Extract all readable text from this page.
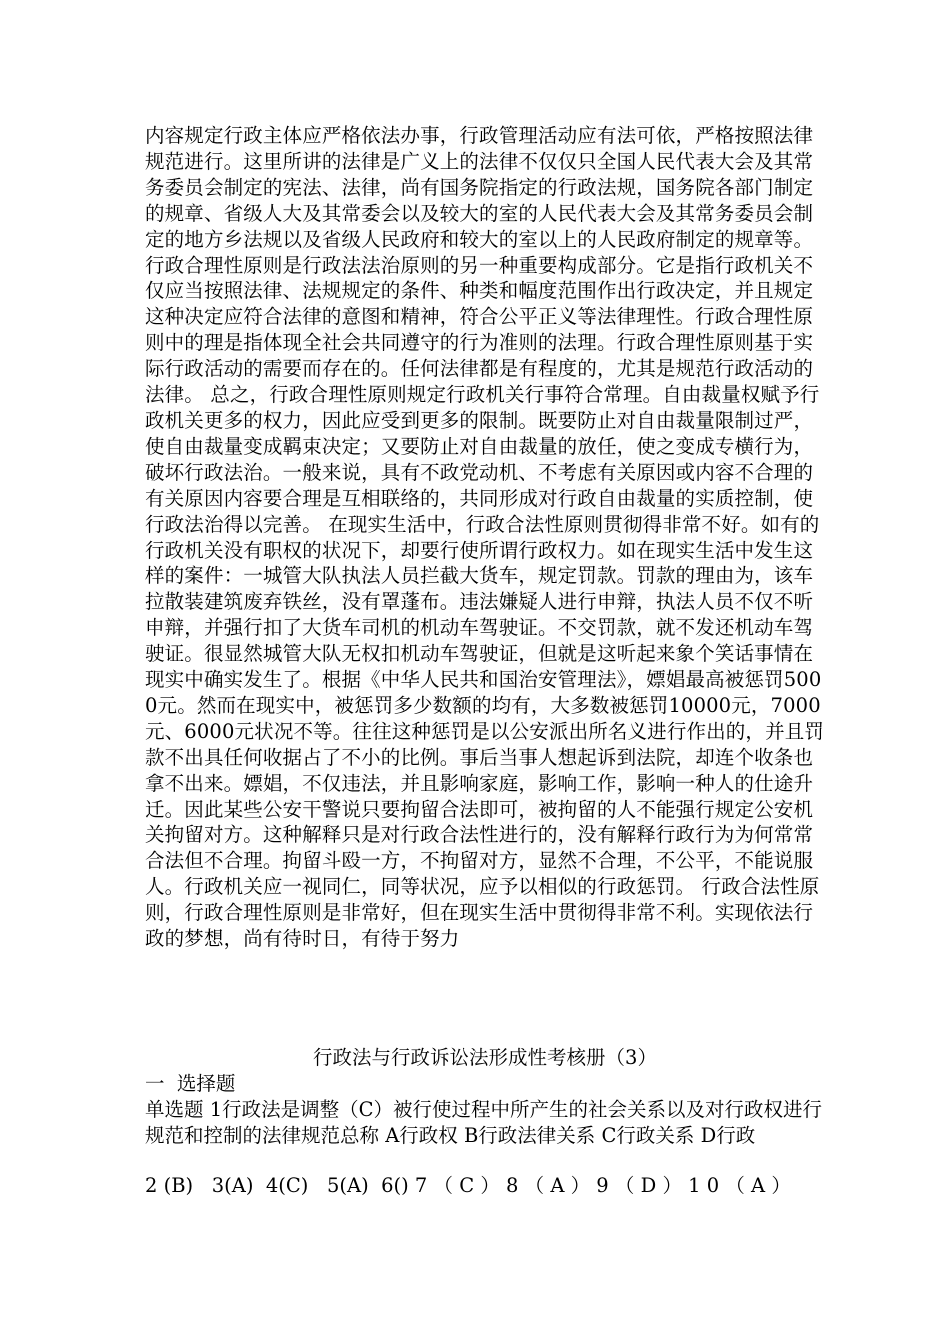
内容规定行政主体应严格依法办事，行政管理活动应有法可依，严格按照法律规范进行。这里所讲的法律是广义上的法律不仅仅只全国人民代表大会及其常务委员会制定的宪法、法律，尚有国务院指定的行政法规，国务院各部门制定的规章、省级人大及其常委会以及较大的室的人民代表大会及其常务委员会制定的地方乡法规以及省级人民政府和较大的室以上的人民政府制定的规章等。 行政合理性原则是行政法法治原则的另一种重要构成部分。它是指行政机关不仅应当按照法律、法规规定的条件、种类和幅度范围作出行政决定，并且规定这种决定应符合法律的意图和精神，符合公平正义等法律理性。行政合理性原则中的理是指体现全社会共同遵守的行为准则的法理。行政合理性原则基于实际行政活动的需要而存在的。任何法律都是有程度的，尤其是规范行政活动的法律。 总之，行政合理性原则规定行政机关行事符合常理。自由裁量权赋予行政机关更多的权力，因此应受到更多的限制。既要防止对自由裁量限制过严，使自由裁量变成羁束决定；又要防止对自由裁量的放任，使之变成专横行为，破坏行政法治。一般来说，具有不政党动机、不考虑有关原因或内容不合理的有关原因内容要合理是互相联络的，共同形成对行政自由裁量的实质控制，使行政法治得以完善。 在现实生活中，行政合法性原则贯彻得非常不好。如有的行政机关没有职权的状况下，却要行使所谓行政权力。如在现实生活中发生这样的案件：一城管大队执法人员拦截大货车，规定罚款。罚款的理由为，该车拉散装建筑废弃铁丝，没有罩蓬布。违法嫌疑人进行申辩，执法人员不仅不听申辩，并强行扣了大货车司机的机动车驾驶证。不交罚款，就不发还机动车驾驶证。很显然城管大队无权扣机动车驾驶证，但就是这听起来象个笑话事情在现实中确实发生了。根据《中华人民共和国治安管理法》，嫖娼最高被惩罚5000元。然而在现实中，被惩罚多少数额的均有，大多数被惩罚10000元，7000元、6000元状况不等。往往这种惩罚是以公安派出所名义进行作出的，并且罚款不出具任何收据占了不小的比例。事后当事人想起诉到法院，却连个收条也拿不出来。嫖娼，不仅违法，并且影响家庭，影响工作，影响一种人的仕途升迁。因此某些公安干警说只要拘留合法即可，被拘留的人不能强行规定公安机关拘留对方。这种解释只是对行政合法性进行的，没有解释行政行为为何常常合法但不合理。拘留斗殴一方，不拘留对方，显然不合理，不公平，不能说服人。行政机关应一视同仁，同等状况，应予以相似的行政惩罚。 行政合法性原则，行政合理性原则是非常好，但在现实生活中贯彻得非常不利。实现依法行政的梦想，尚有待时日，有待于努力

行政法与行政诉讼法形成性考核册（3）

一  选择题

单选题 1行政法是调整（C）被行使过程中所产生的社会关系以及对行政权进行规范和控制的法律规范总称 A行政权 B行政法律关系 C行政关系 D行政

2 (B)   3(A)  4(C)   5(A)  6() 7 （ C ） 8 （ A ） 9 （ D ） 1 0 （ A ）
